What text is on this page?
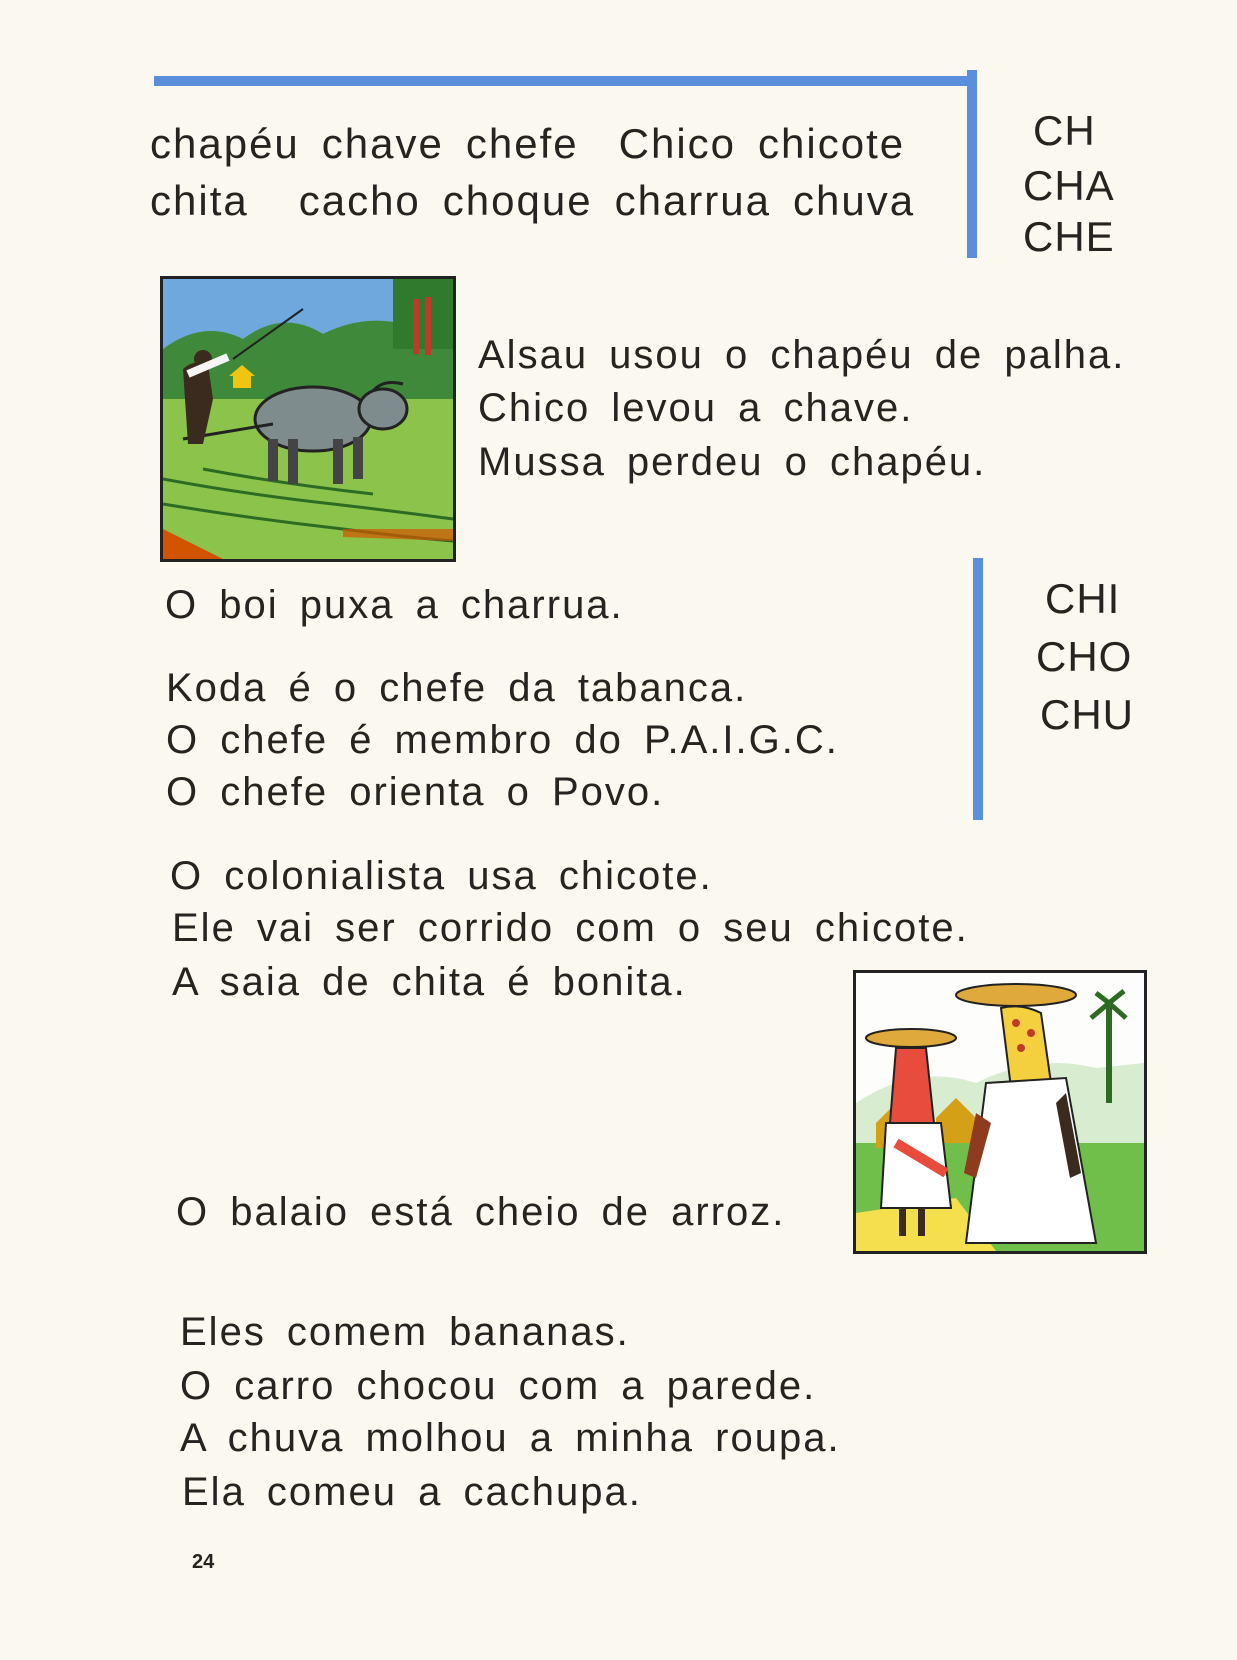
chapéu chave chefe Chico chicote
chita cacho choque charrua chuva
CH
CHA
CHE
Alsau usou o chapéu de palha.
Chico levou a chave.
Mussa perdeu o chapéu.
CHI
CHO
CHU
O boi puxa a charrua.
Koda é o chefe da tabanca.
O chefe é membro do P.A.I.G.C.
O chefe orienta o Povo.
O colonialista usa chicote.
Ele vai ser corrido com o seu chicote.
A saia de chita é bonita.
O balaio está cheio de arroz.
Eles comem bananas.
O carro chocou com a parede.
A chuva molhou a minha roupa.
Ela comeu a cachupa.
24
